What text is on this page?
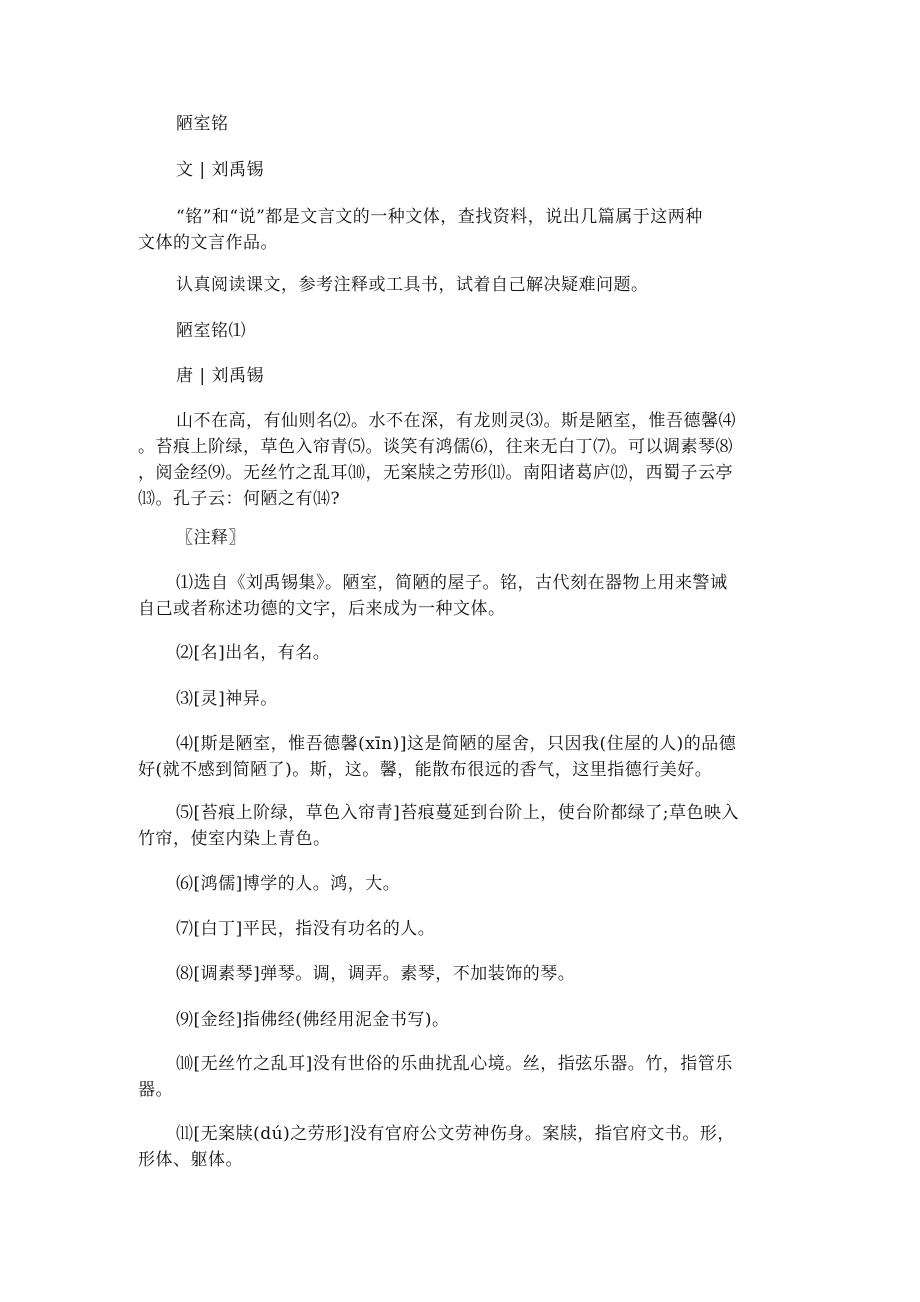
陋室铭
文 | 刘禹锡
“铭”和“说”都是文言文的一种文体，查找资料，说出几篇属于这两种
文体的文言作品。
认真阅读课文，参考注释或工具书，试着自己解决疑难问题。
陋室铭⑴
唐 | 刘禹锡
山不在高，有仙则名⑵。水不在深，有龙则灵⑶。斯是陋室，惟吾德馨⑷
。苔痕上阶绿，草色入帘青⑸。谈笑有鸿儒⑹，往来无白丁⑺。可以调素琴⑻
，阅金经⑼。无丝竹之乱耳⑽，无案牍之劳形⑾。南阳诸葛庐⑿，西蜀子云亭
⒀。孔子云：何陋之有⒁?
〖注释〗
⑴选自《刘禹锡集》。陋室，简陋的屋子。铭，古代刻在器物上用来警诫
自己或者称述功德的文字，后来成为一种文体。
⑵[名]出名，有名。
⑶[灵]神异。
⑷[斯是陋室，惟吾德馨(xīn)]这是简陋的屋舍，只因我(住屋的人)的品德
好(就不感到简陋了)。斯，这。馨，能散布很远的香气，这里指德行美好。
⑸[苔痕上阶绿，草色入帘青]苔痕蔓延到台阶上，使台阶都绿了;草色映入
竹帘，使室内染上青色。
⑹[鸿儒]博学的人。鸿，大。
⑺[白丁]平民，指没有功名的人。
⑻[调素琴]弹琴。调，调弄。素琴，不加装饰的琴。
⑼[金经]指佛经(佛经用泥金书写)。
⑽[无丝竹之乱耳]没有世俗的乐曲扰乱心境。丝，指弦乐器。竹，指管乐
器。
⑾[无案牍(dú)之劳形]没有官府公文劳神伤身。案牍，指官府文书。形，
形体、躯体。
